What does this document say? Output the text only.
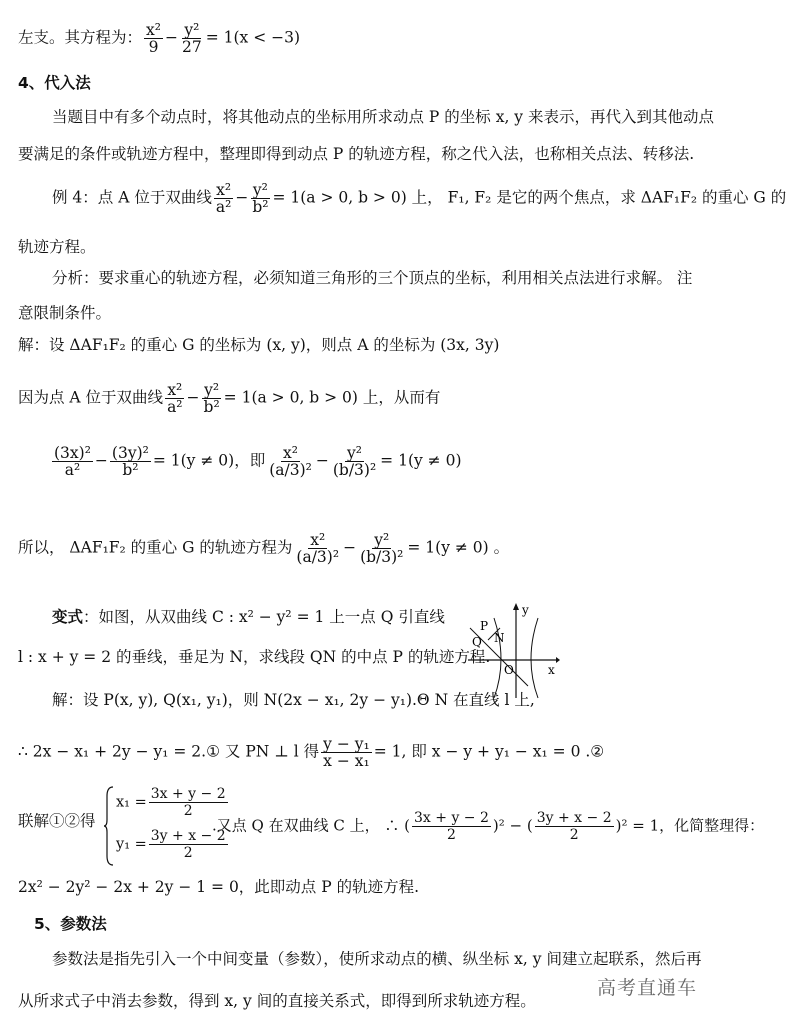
左支。其方程为： $\frac{\text{x²}}{9} - \frac{\text{y²}}{27} = 1(x < -3)$
4、代入法
当题目中有多个动点时，将其他动点的坐标用所求动点 P 的坐标 x, y 来表示，再代入到其他动点
要满足的条件或轨迹方程中，整理即得到动点 P 的轨迹方程，称之代入法，也称相关点法、转移法.
例 4：点 A 位于双曲线 $\frac{\text{x²}}{\text{a²}} - \frac{\text{y²}}{\text{b²}} = 1(a > 0$, b > 0) 上， F₁, F₂ 是它的两个焦点，求 ΔAF₁F₂ 的重心 G 的
轨迹方程。
分析：要求重心的轨迹方程，必须知道三角形的三个顶点的坐标，利用相关点法进行求解。 注
意限制条件。
解：设 ΔAF₁F₂ 的重心 G 的坐标为 (x, y)，则点 A 的坐标为 (3x, 3y)
因为点 A 位于双曲线 $\frac{\text{x²}}{\text{a²}} - \frac{\text{y²}}{\text{b²}} = 1(a > 0$, b > 0) 上，从而有
$\frac{\text{(3x)²}}{\text{a²}} - \frac{\text{(3y)²}}{\text{b²}} = 1(y \ne 0)$，即 $\frac{\text{x²}}{\text{(a/3)²}} - \frac{\text{y²}}{\text{(b/3)²}} = 1(y \ne 0)$
所以， ΔAF₁F₂ 的重心 G 的轨迹方程为 $\frac{\text{x²}}{\text{(a/3)²}} - \frac{\text{y²}}{\text{(b/3)²}} = 1(y \ne 0)$ 。
变式：如图，从双曲线 C : x² − y² = 1 上一点 Q 引直线
l : x + y = 2 的垂线，垂足为 N，求线段 QN 的中点 P 的轨迹方程.
y
x
O
P
Q N
解：设 P(x, y), Q(x₁, y₁)，则 N(2x − x₁, 2y − y₁).Θ N 在直线 l 上,
∴ 2x − x₁ + 2y − y₁ = 2.① 又 PN ⊥ l 得 $\frac{\text{y − y₁}}{\text{x − x₁}} = 1$, 即 x − y + y₁ − x₁ = 0 .②
联解①②得
$x_1 = \frac{3x + y - 2}{2}$
$y_1 = \frac{3y + x - 2}{2}$
.又点 Q 在双曲线 C 上， ∴ ( $\frac{3x + y - 2}{2} )^2$ − ( $\frac{3y + x - 2}{2} )^2 = 1$，化简整理得：
2x² − 2y² − 2x + 2y − 1 = 0，此即动点 P 的轨迹方程.
5、参数法
参数法是指先引入一个中间变量（参数），使所求动点的横、纵坐标 x, y 间建立起联系，然后再
从所求式子中消去参数，得到 x, y 间的直接关系式，即得到所求轨迹方程。
高考直通车
